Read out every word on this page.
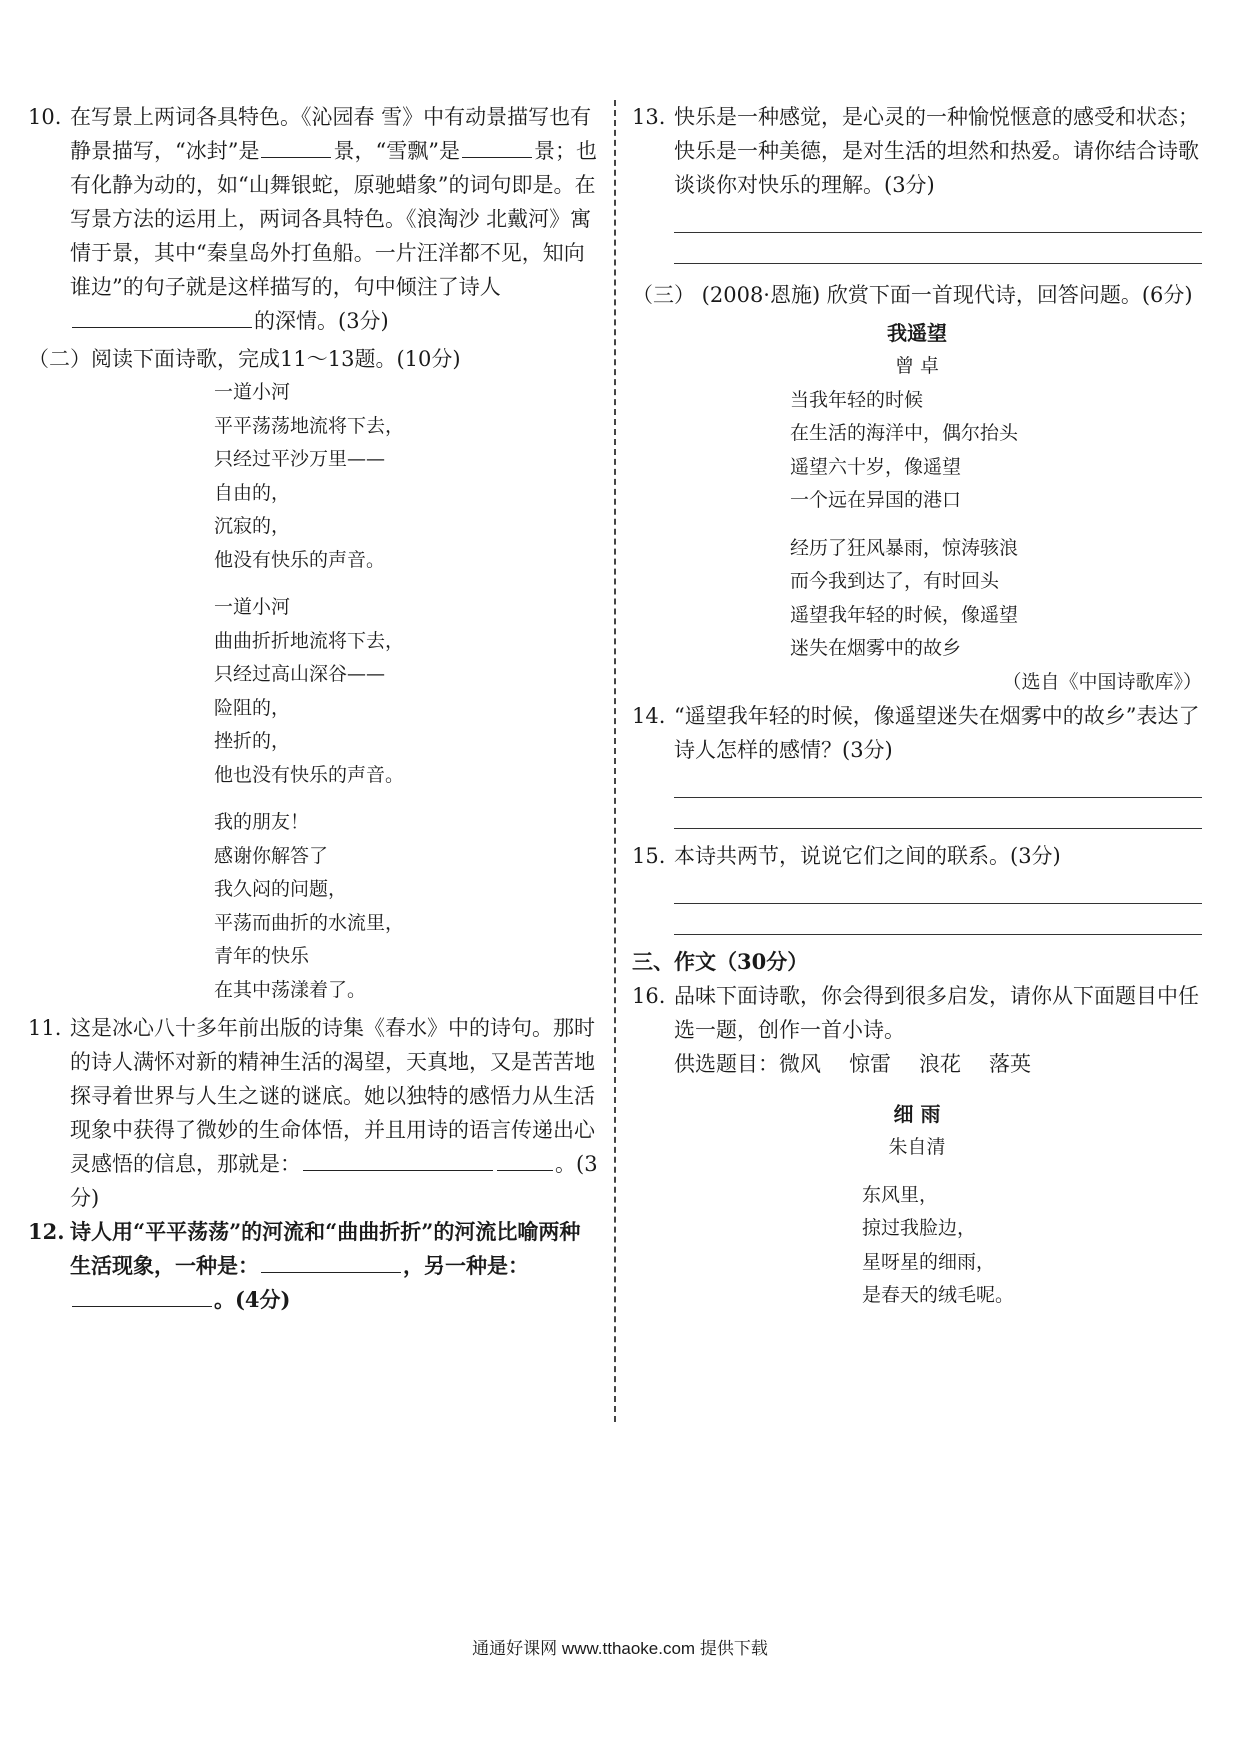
10. 在写景上两词各具特色。《沁园春 雪》中有动景描写也有静景描写，“冰封”是	景，“雪飘”是	景；也有化静为动的，如“山舞银蛇，原驰蜡象”的词句即是。在写景方法的运用上，两词各具特色。《浪淘沙 北戴河》寓情于景，其中“秦皇岛外打鱼船。一片汪洋都不见，知向谁边”的句子就是这样描写的，句中倾注了诗人的深情。(3分)

（二）阅读下面诗歌，完成11～13题。(10分)

一道小河
平平荡荡地流将下去，
只经过平沙万里——
自由的，
沉寂的，
他没有快乐的声音。
一道小河
曲曲折折地流将下去，
只经过高山深谷——
险阻的，
挫折的，
他也没有快乐的声音。
我的朋友！
感谢你解答了
我久闷的问题，
平荡而曲折的水流里，
青年的快乐
在其中荡漾着了。
11. 这是冰心八十多年前出版的诗集《春水》中的诗句。那时的诗人满怀对新的精神生活的渴望，天真地，又是苦苦地探寻着世界与人生之谜的谜底。她以独特的感悟力从生活现象中获得了微妙的生命体悟，并且用诗的语言传递出心灵感悟的信息，那就是：	。(3分)
12. 诗人用“平平荡荡”的河流和“曲曲折折”的河流比喻两种生活现象，一种是：	，另一种是：。(4分)
13. 快乐是一种感觉，是心灵的一种愉悦惬意的感受和状态；快乐是一种美德，是对生活的坦然和热爱。请你结合诗歌谈谈你对快乐的理解。(3分)

（三） (2008·恩施) 欣赏下面一首现代诗，回答问题。(6分)

我遥望
曾 卓
当我年轻的时候
在生活的海洋中，偶尔抬头
遥望六十岁，像遥望
一个远在异国的港口
经历了狂风暴雨，惊涛骇浪
而今我到达了，有时回头
遥望我年轻的时候，像遥望
迷失在烟雾中的故乡
（选自《中国诗歌库》）
14. “遥望我年轻的时候，像遥望迷失在烟雾中的故乡”表达了诗人怎样的感情？(3分)
15. 本诗共两节，说说它们之间的联系。(3分)

三、作文（30分）

16. 品味下面诗歌，你会得到很多启发，请你从下面题目中任选一题，创作一首小诗。
供选题目：微风 惊雷 浪花 落英
细 雨
朱自清
东风里，
掠过我脸边，
星呀星的细雨，
是春天的绒毛呢。
通通好课网 www.tthaoke.com 提供下载
